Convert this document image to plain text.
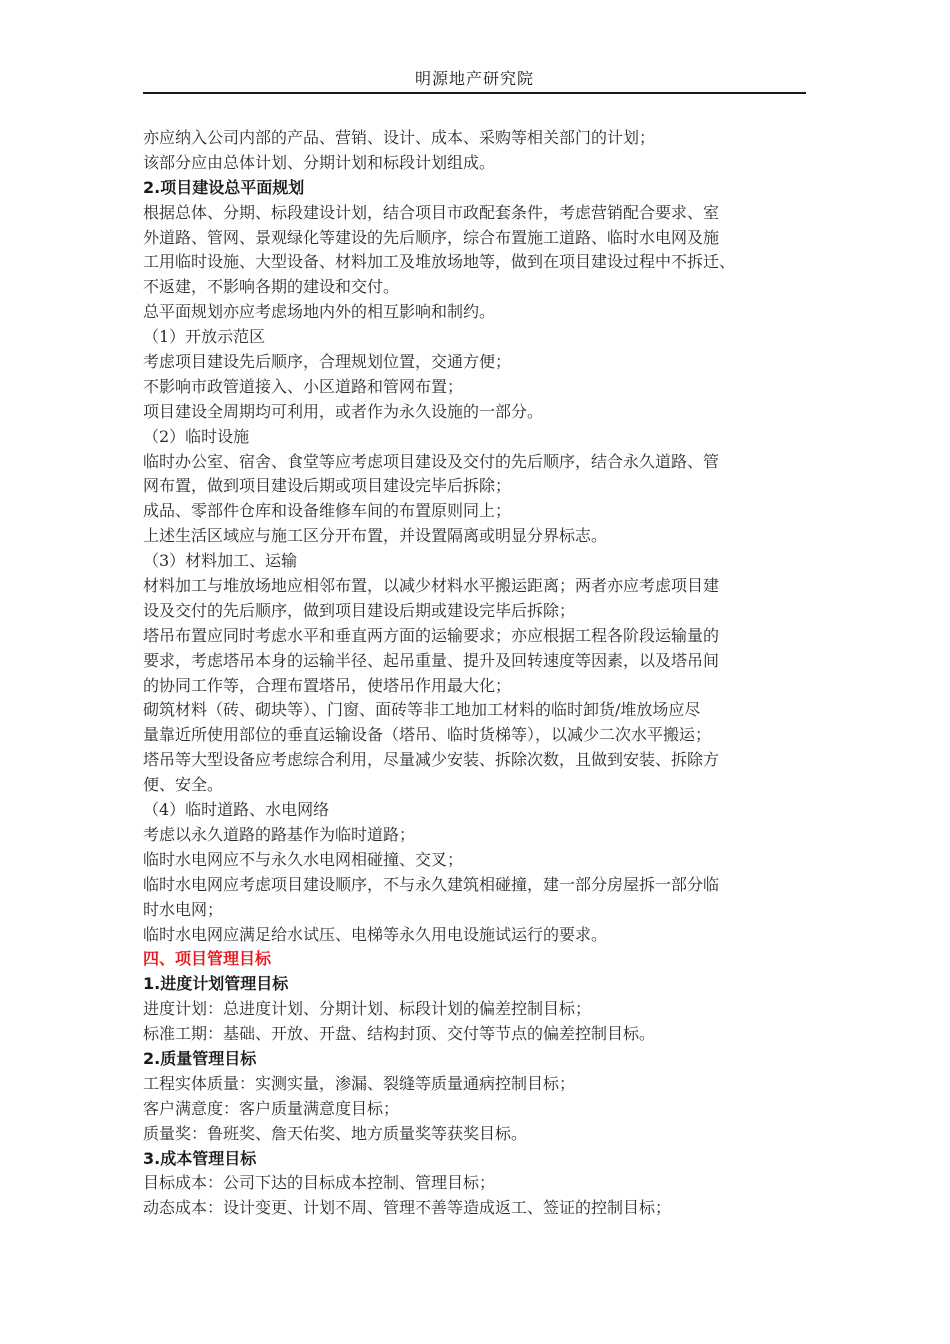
明源地产研究院
亦应纳入公司内部的产品、营销、设计、成本、采购等相关部门的计划；
该部分应由总体计划、分期计划和标段计划组成。
2.项目建设总平面规划
根据总体、分期、标段建设计划，结合项目市政配套条件，考虑营销配合要求、室
外道路、管网、景观绿化等建设的先后顺序，综合布置施工道路、临时水电网及施
工用临时设施、大型设备、材料加工及堆放场地等，做到在项目建设过程中不拆迁、
不返建，不影响各期的建设和交付。
总平面规划亦应考虑场地内外的相互影响和制约。
（1）开放示范区
考虑项目建设先后顺序，合理规划位置，交通方便；
不影响市政管道接入、小区道路和管网布置；
项目建设全周期均可利用，或者作为永久设施的一部分。
（2）临时设施
临时办公室、宿舍、食堂等应考虑项目建设及交付的先后顺序，结合永久道路、管
网布置，做到项目建设后期或项目建设完毕后拆除；
成品、零部件仓库和设备维修车间的布置原则同上；
上述生活区域应与施工区分开布置，并设置隔离或明显分界标志。
（3）材料加工、运输
材料加工与堆放场地应相邻布置，以减少材料水平搬运距离；两者亦应考虑项目建
设及交付的先后顺序，做到项目建设后期或建设完毕后拆除；
塔吊布置应同时考虑水平和垂直两方面的运输要求；亦应根据工程各阶段运输量的
要求，考虑塔吊本身的运输半径、起吊重量、提升及回转速度等因素，以及塔吊间
的协同工作等，合理布置塔吊，使塔吊作用最大化；
砌筑材料（砖、砌块等）、门窗、面砖等非工地加工材料的临时卸货/堆放场应尽
量靠近所使用部位的垂直运输设备（塔吊、临时货梯等），以减少二次水平搬运；
塔吊等大型设备应考虑综合利用，尽量减少安装、拆除次数，且做到安装、拆除方
便、安全。
（4）临时道路、水电网络
考虑以永久道路的路基作为临时道路；
临时水电网应不与永久水电网相碰撞、交叉；
临时水电网应考虑项目建设顺序，不与永久建筑相碰撞，建一部分房屋拆一部分临
时水电网；
临时水电网应满足给水试压、电梯等永久用电设施试运行的要求。
四、项目管理目标
1.进度计划管理目标
进度计划：总进度计划、分期计划、标段计划的偏差控制目标；
标准工期：基础、开放、开盘、结构封顶、交付等节点的偏差控制目标。
2.质量管理目标
工程实体质量：实测实量，渗漏、裂缝等质量通病控制目标；
客户满意度：客户质量满意度目标；
质量奖：鲁班奖、詹天佑奖、地方质量奖等获奖目标。
3.成本管理目标
目标成本：公司下达的目标成本控制、管理目标；
动态成本：设计变更、计划不周、管理不善等造成返工、签证的控制目标；
